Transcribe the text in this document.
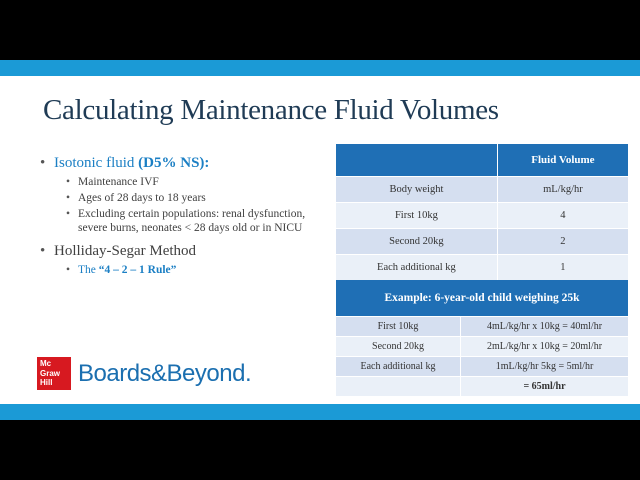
Calculating Maintenance Fluid Volumes
• Isotonic fluid (D5% NS):
• Maintenance IVF
• Ages of 28 days to 18 years
• Excluding certain populations: renal dysfunction, severe burns, neonates < 28 days old or in NICU
• Holliday-Segar Method
• The “4 – 2 – 1 Rule”
	Fluid Volume
Body weight	mL/kg/hr
First 10kg	4
Second 20kg	2
Each additional kg	1
Example: 6-year-old child weighing 25k	
First 10kg	4mL/kg/hr x 10kg = 40ml/hr
Second 20kg	2mL/kg/hr x 10kg = 20ml/hr
Each additional kg	1mL/kg/hr 5kg = 5ml/hr
	= 65ml/hr
Mc
Graw
Hill	Boards&Beyond.
